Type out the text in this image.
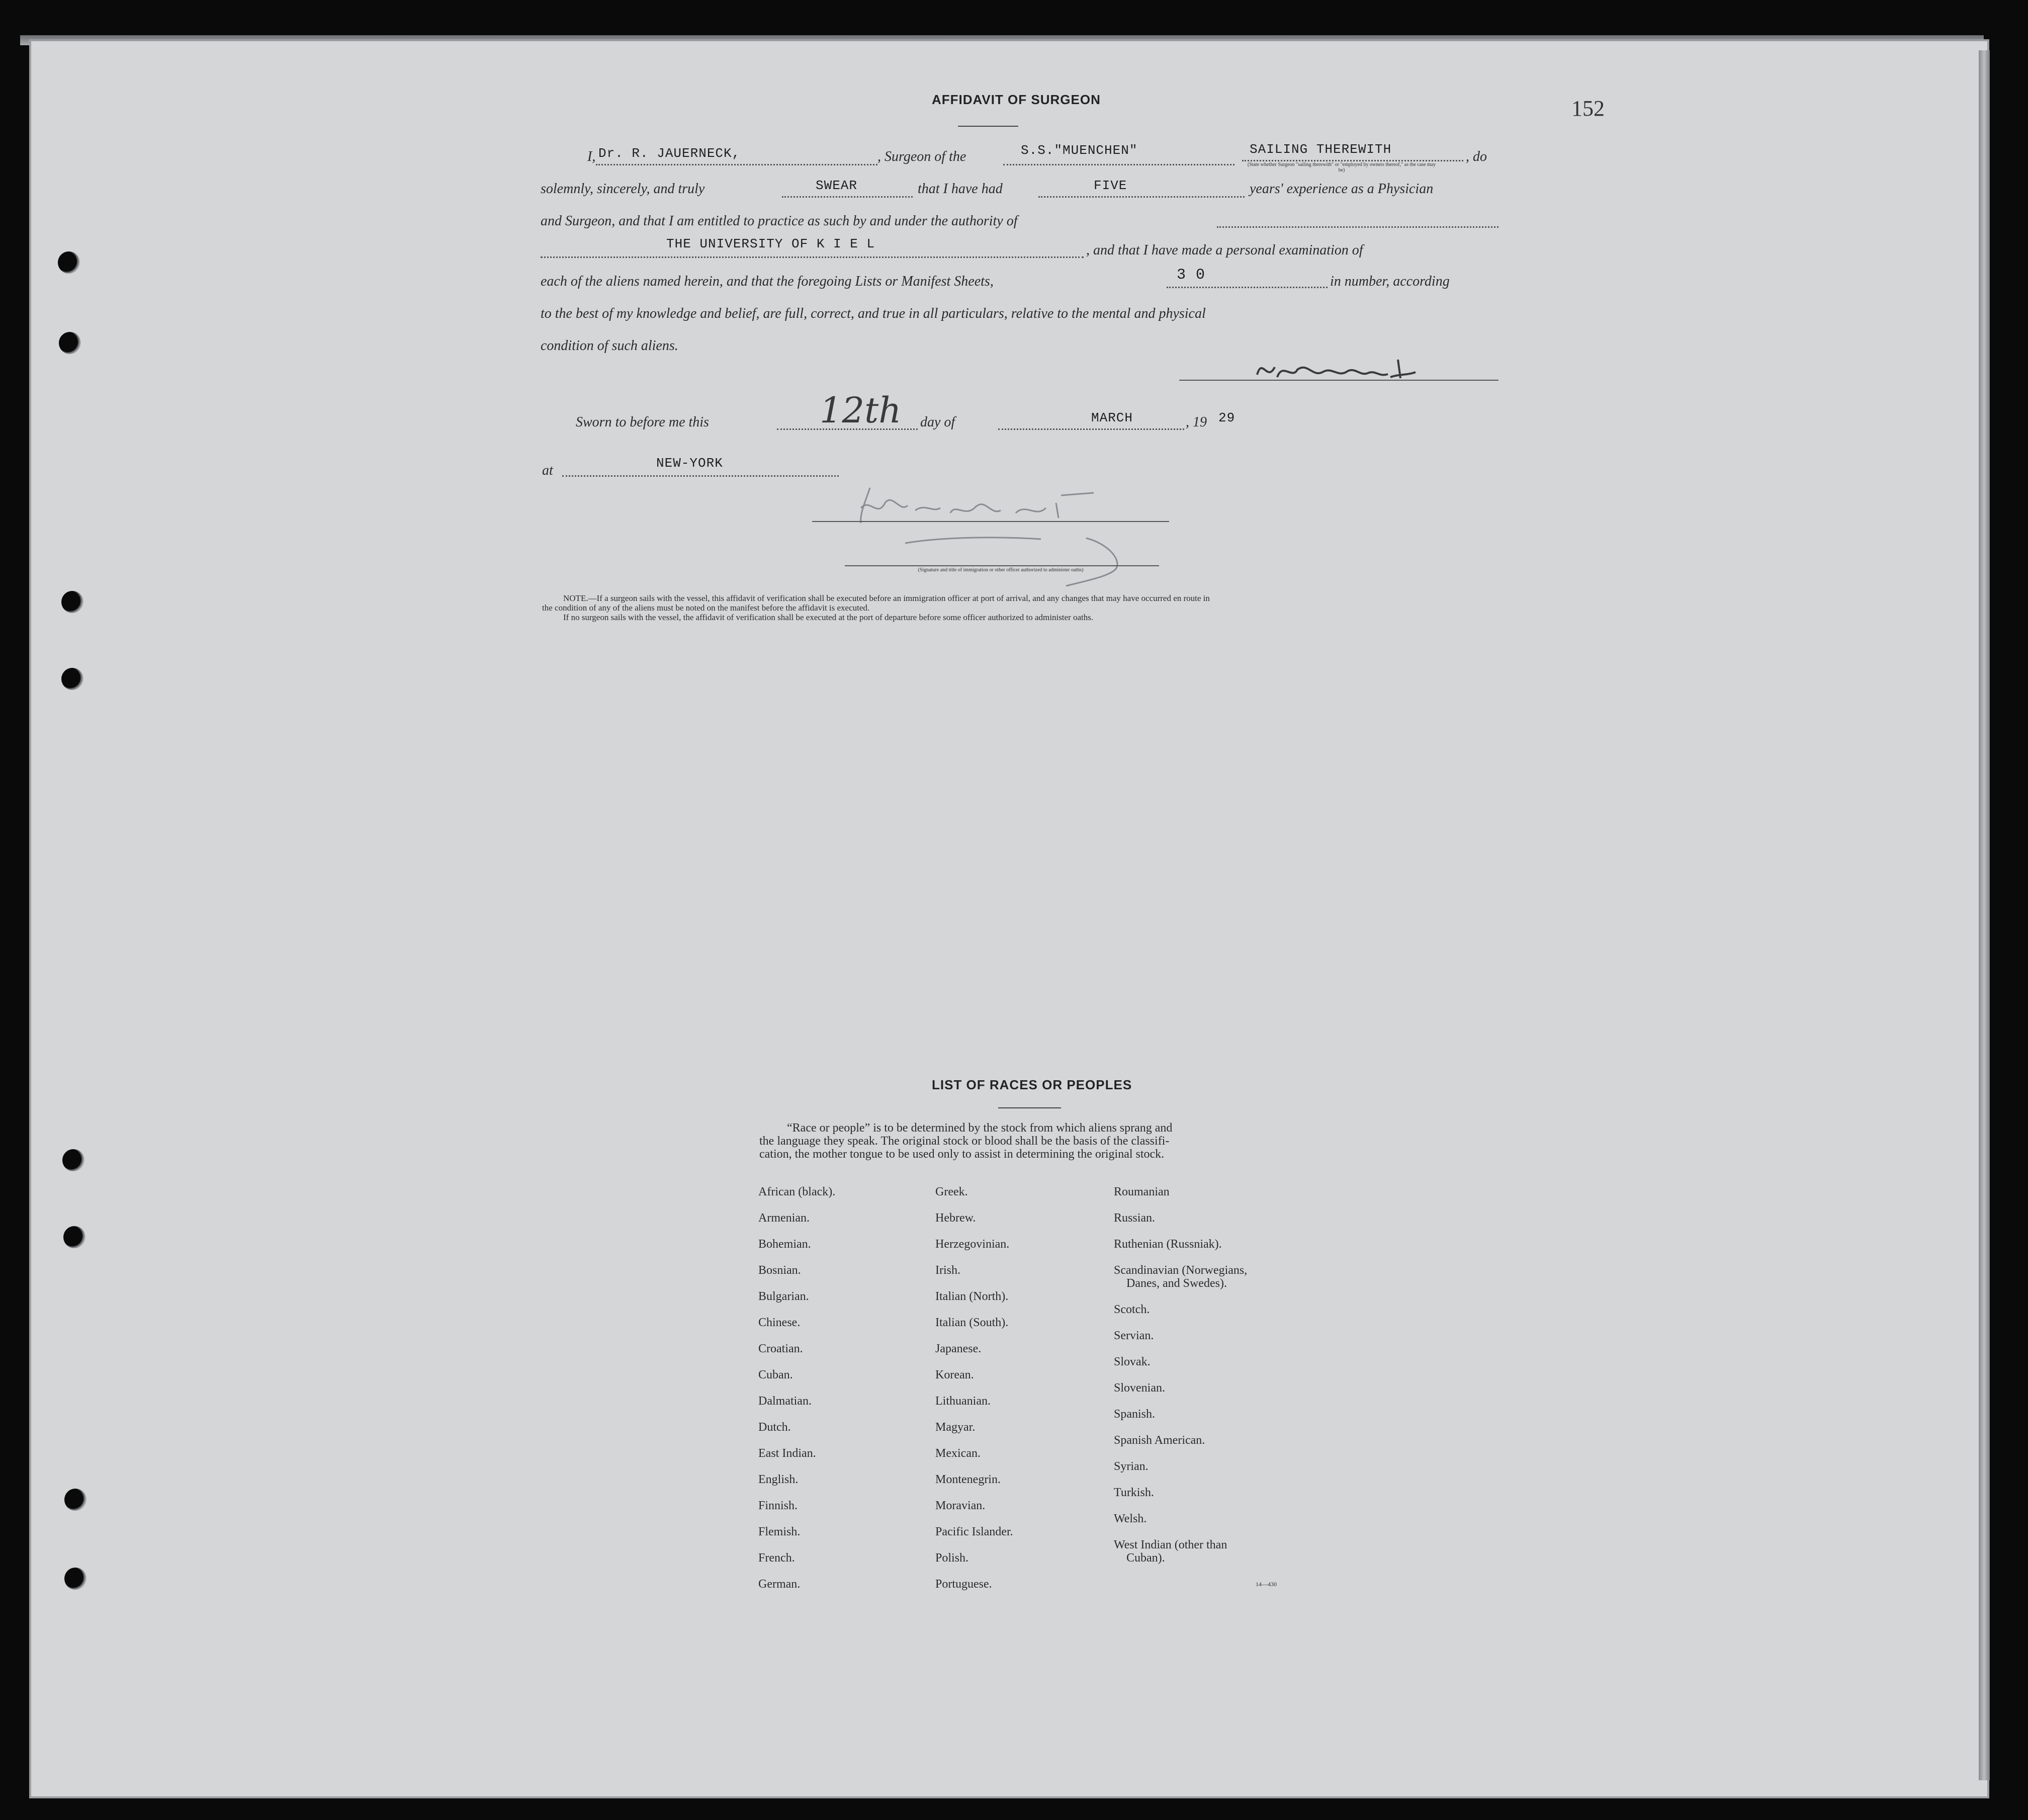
152
AFFIDAVIT OF SURGEON
I, Dr. R. JAUERNECK,	, Surgeon of the	S.S."MUENCHEN"	SAILING THEREWITH
(State whether Surgeon "sailing therewith" or "employed by owners thereof," as the case may be)
, do
solemnly, sincerely, and truly	SWEAR	that I have had	FIVE	years' experience as a Physician
and Surgeon, and that I am entitled to practice as such by and under the authority of
THE UNIVERSITY OF K I E L	, and that I have made a personal examination of
each of the aliens named herein, and that the foregoing Lists or Manifest Sheets,	3 0	in number, according
to the best of my knowledge and belief, are full, correct, and true in all particulars, relative to the mental and physical
condition of such aliens.
Sworn to before me this	12th day of	MARCH	, 19 29
at	NEW-YORK
(Signature and title of immigration or other officer authorized to administer oaths)
NOTE.—If a surgeon sails with the vessel, this affidavit of verification shall be executed before an immigration officer at port of arrival, and any changes that may have occurred en route in
the condition of any of the aliens must be noted on the manifest before the affidavit is executed.
If no surgeon sails with the vessel, the affidavit of verification shall be executed at the port of departure before some officer authorized to administer oaths.
LIST OF RACES OR PEOPLES
“Race or people” is to be determined by the stock from which aliens sprang and
the language they speak. The original stock or blood shall be the basis of the classifi-
cation, the mother tongue to be used only to assist in determining the original stock.
African (black).
Armenian.
Bohemian.
Bosnian.
Bulgarian.
Chinese.
Croatian.
Cuban.
Dalmatian.
Dutch.
East Indian.
English.
Finnish.
Flemish.
French.
German.
Greek.
Hebrew.
Herzegovinian.
Irish.
Italian (North).
Italian (South).
Japanese.
Korean.
Lithuanian.
Magyar.
Mexican.
Montenegrin.
Moravian.
Pacific Islander.
Polish.
Portuguese.
Roumanian
Russian.
Ruthenian (Russniak).
Scandinavian (Norwegians,
Danes, and Swedes).
Scotch.
Servian.
Slovak.
Slovenian.
Spanish.
Spanish American.
Syrian.
Turkish.
Welsh.
West Indian (other than
Cuban).
14—430
